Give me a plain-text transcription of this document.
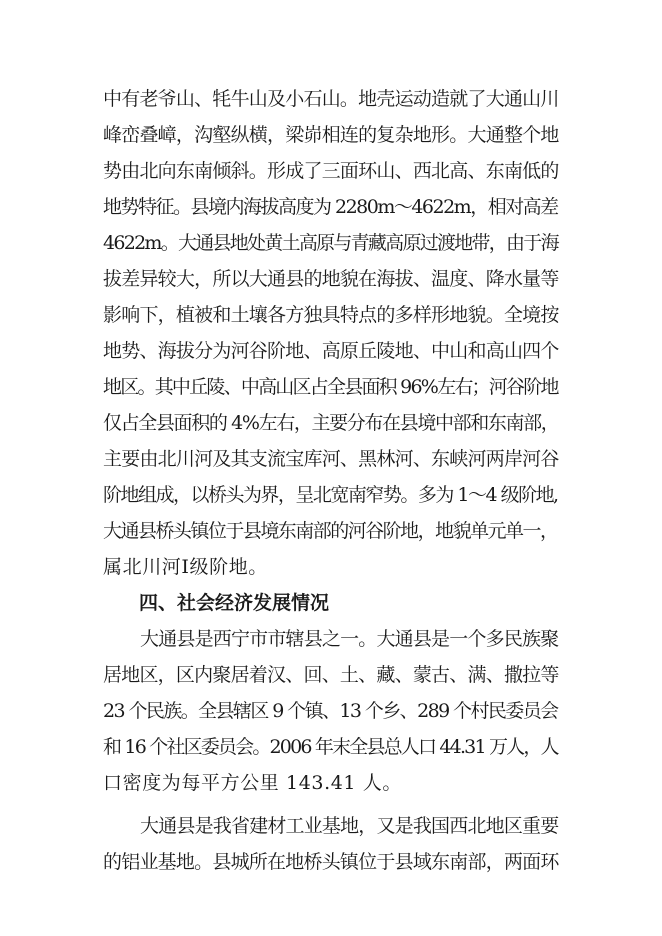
中有老爷山、牦牛山及小石山。地壳运动造就了大通山川
峰峦叠嶂，沟壑纵横，梁峁相连的复杂地形。大通整个地
势由北向东南倾斜。形成了三面环山、西北高、东南低的
地势特征。县境内海拔高度为 2280m～4622m，相对高差
4622m。大通县地处黄土高原与青藏高原过渡地带，由于海
拔差异较大，所以大通县的地貌在海拔、温度、降水量等
影响下，植被和土壤各方独具特点的多样形地貌。全境按
地势、海拔分为河谷阶地、高原丘陵地、中山和高山四个
地区。其中丘陵、中高山区占全县面积 96%左右；河谷阶地
仅占全县面积的 4%左右，主要分布在县境中部和东南部，
主要由北川河及其支流宝库河、黑林河、东峡河两岸河谷
阶地组成，以桥头为界，呈北宽南窄势。多为 1～4 级阶地,
大通县桥头镇位于县境东南部的河谷阶地，地貌单元单一，
属北川河Ⅰ级阶地。
四、社会经济发展情况
大通县是西宁市市辖县之一。大通县是一个多民族聚
居地区，区内聚居着汉、回、土、藏、蒙古、满、撒拉等
23 个民族。全县辖区 9 个镇、13 个乡、289 个村民委员会
和 16 个社区委员会。2006 年末全县总人口 44.31 万人，人
口密度为每平方公里 143.41 人。
大通县是我省建材工业基地，又是我国西北地区重要
的铝业基地。县城所在地桥头镇位于县域东南部，两面环
